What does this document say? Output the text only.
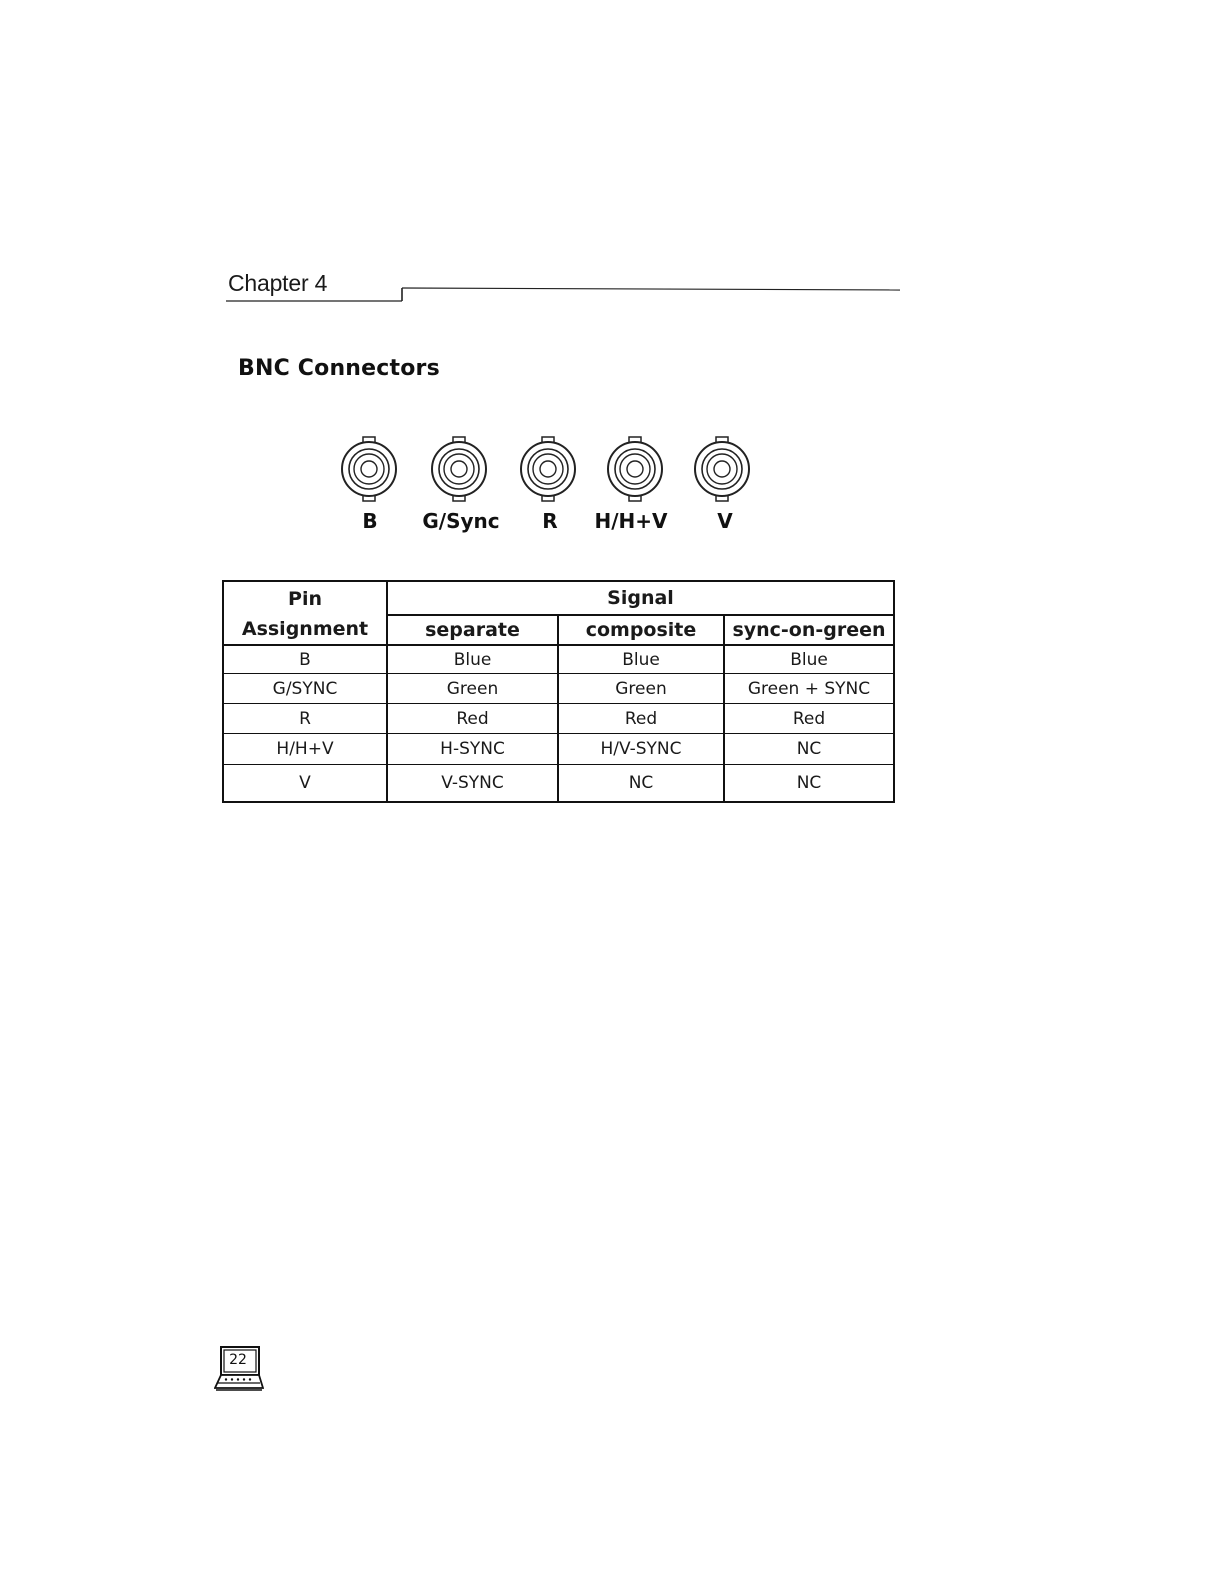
Chapter 4
BNC Connectors
B G/Sync R H/H+V V
Pin
Assignment
Signal
separate	composite	sync-on-green
B	Blue	Blue	Blue
G/SYNC	Green	Green	Green + SYNC
R	Red	Red	Red
H/H+V	H-SYNC	H/V-SYNC	NC
V	V-SYNC	NC	NC
22
